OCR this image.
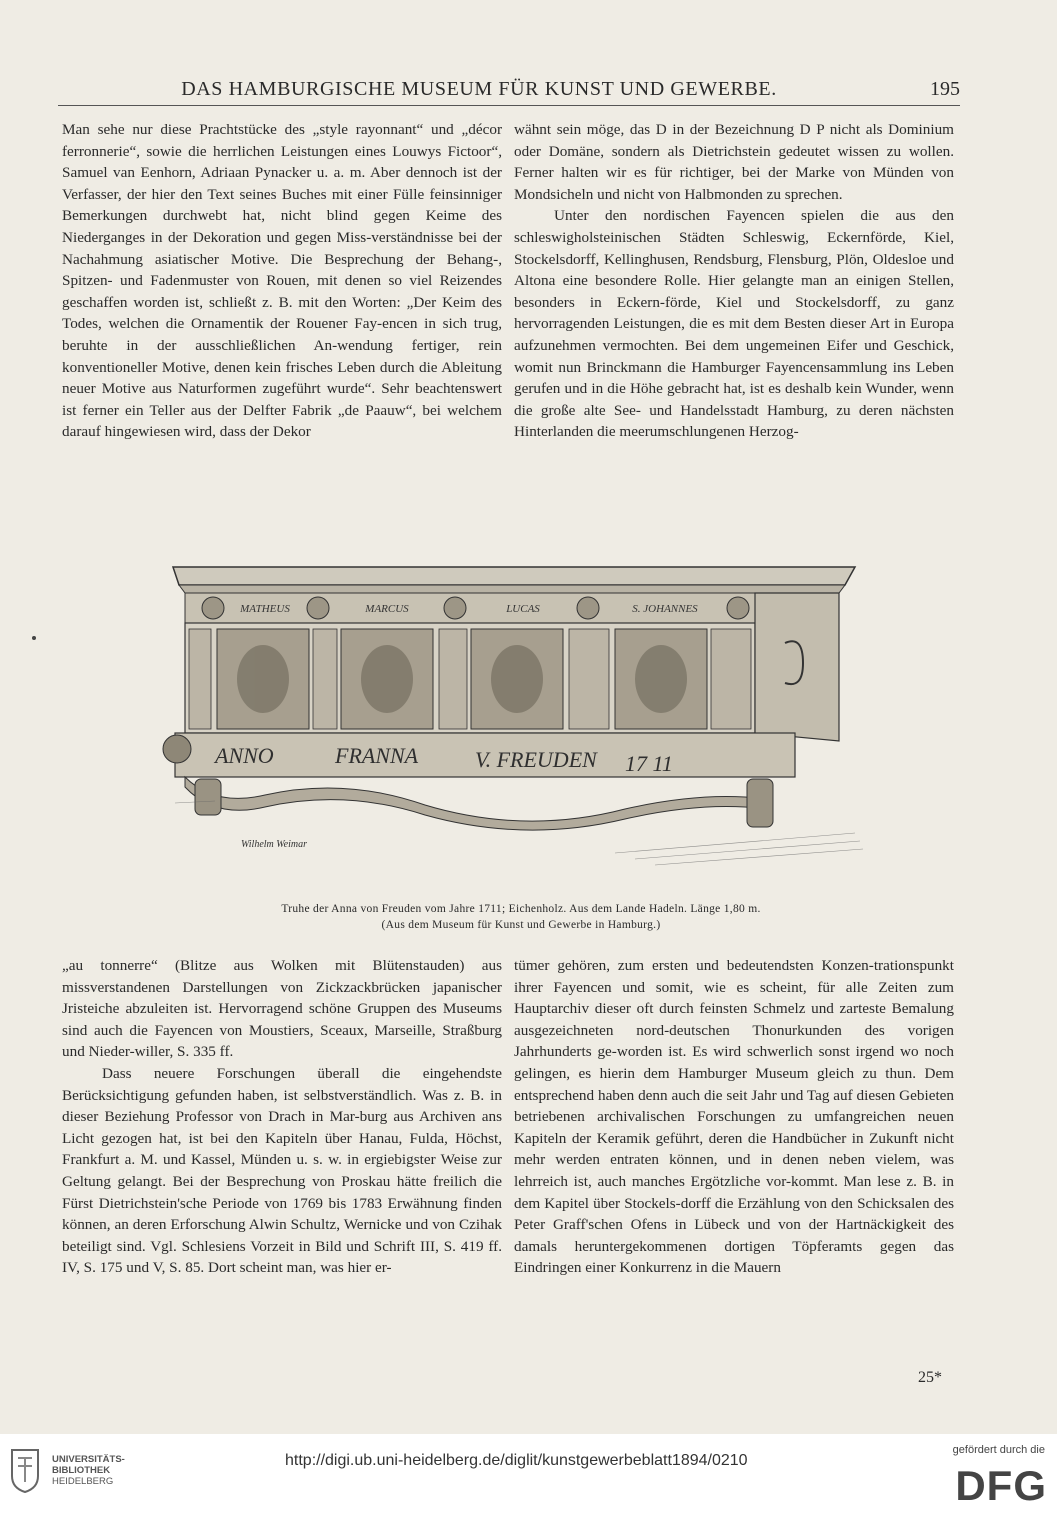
DAS HAMBURGISCHE MUSEUM FÜR KUNST UND GEWERBE.	195

Man sehe nur diese Prachtstücke des „style rayonnant“ und „décor ferronnerie“, sowie die herrlichen Leistungen eines Louwys Fictoor“, Samuel van Eenhorn, Adriaan Pynacker u. a. m. Aber dennoch ist der Verfasser, der hier den Text seines Buches mit einer Fülle feinsinniger Bemerkungen durchwebt hat, nicht blind gegen Keime des Niederganges in der Dekoration und gegen Miss-verständnisse bei der Nachahmung asiatischer Motive. Die Besprechung der Behang-, Spitzen- und Fadenmuster von Rouen, mit denen so viel Reizendes geschaffen worden ist, schließt z. B. mit den Worten: „Der Keim des Todes, welchen die Ornamentik der Rouener Fay-encen in sich trug, beruhte in der ausschließlichen An-wendung fertiger, rein konventioneller Motive, denen kein frisches Leben durch die Ableitung neuer Motive aus Naturformen zugeführt wurde“. Sehr beachtenswert ist ferner ein Teller aus der Delfter Fabrik „de Paauw“, bei welchem darauf hingewiesen wird, dass der Dekor

wähnt sein möge, das D in der Bezeichnung D P nicht als Dominium oder Domäne, sondern als Dietrichstein gedeutet wissen zu wollen. Ferner halten wir es für richtiger, bei der Marke von Münden von Mondsicheln und nicht von Halbmonden zu sprechen.

Unter den nordischen Fayencen spielen die aus den schleswigholsteinischen Städten Schleswig, Eckernförde, Kiel, Stockelsdorff, Kellinghusen, Rendsburg, Flensburg, Plön, Oldesloe und Altona eine besondere Rolle. Hier gelangte man an einigen Stellen, besonders in Eckern-förde, Kiel und Stockelsdorff, zu ganz hervorragenden Leistungen, die es mit dem Besten dieser Art in Europa aufzunehmen vermochten. Bei dem ungemeinen Eifer und Geschick, womit nun Brinckmann die Hamburger Fayencensammlung ins Leben gerufen und in die Höhe gebracht hat, ist es deshalb kein Wunder, wenn die große alte See- und Handelsstadt Hamburg, zu deren nächsten Hinterlanden die meerumschlungenen Herzog-

MATHEUS	MARCUS	LUCAS	S. JOHANNES
ANNO	FRANNA	V. FREUDEN 17 11
Wilhelm Weimar
Truhe der Anna von Freuden vom Jahre 1711; Eichenholz. Aus dem Lande Hadeln. Länge 1,80 m.
(Aus dem Museum für Kunst und Gewerbe in Hamburg.)

„au tonnerre“ (Blitze aus Wolken mit Blütenstauden) aus missverstandenen Darstellungen von Zickzackbrücken japanischer Jristeiche abzuleiten ist. Hervorragend schöne Gruppen des Museums sind auch die Fayencen von Moustiers, Sceaux, Marseille, Straßburg und Nieder-willer, S. 335 ff.

Dass neuere Forschungen überall die eingehendste Berücksichtigung gefunden haben, ist selbstverständlich. Was z. B. in dieser Beziehung Professor von Drach in Mar-burg aus Archiven ans Licht gezogen hat, ist bei den Kapiteln über Hanau, Fulda, Höchst, Frankfurt a. M. und Kassel, Münden u. s. w. in ergiebigster Weise zur Geltung gelangt. Bei der Besprechung von Proskau hätte freilich die Fürst Dietrichstein'sche Periode von 1769 bis 1783 Erwähnung finden können, an deren Erforschung Alwin Schultz, Wernicke und von Czihak beteiligt sind. Vgl. Schlesiens Vorzeit in Bild und Schrift III, S. 419 ff. IV, S. 175 und V, S. 85. Dort scheint man, was hier er-

tümer gehören, zum ersten und bedeutendsten Konzen-trationspunkt ihrer Fayencen und somit, wie es scheint, für alle Zeiten zum Hauptarchiv dieser oft durch feinsten Schmelz und zarteste Bemalung ausgezeichneten nord-deutschen Thonurkunden des vorigen Jahrhunderts ge-worden ist. Es wird schwerlich sonst irgend wo noch gelingen, es hierin dem Hamburger Museum gleich zu thun. Dem entsprechend haben denn auch die seit Jahr und Tag auf diesen Gebieten betriebenen archivalischen Forschungen zu umfangreichen neuen Kapiteln der Keramik geführt, deren die Handbücher in Zukunft nicht mehr werden entraten können, und in denen neben vielem, was lehrreich ist, auch manches Ergötzliche vor-kommt. Man lese z. B. in dem Kapitel über Stockels-dorff die Erzählung von den Schicksalen des Peter Graff'schen Ofens in Lübeck und von der Hartnäckigkeit des damals heruntergekommenen dortigen Töpferamts gegen das Eindringen einer Konkurrenz in die Mauern

25*
UNIVERSITÄTS-
BIBLIOTHEK
HEIDELBERG
http://digi.ub.uni-heidelberg.de/diglit/kunstgewerbeblatt1894/0210
gefördert durch die
DFG
